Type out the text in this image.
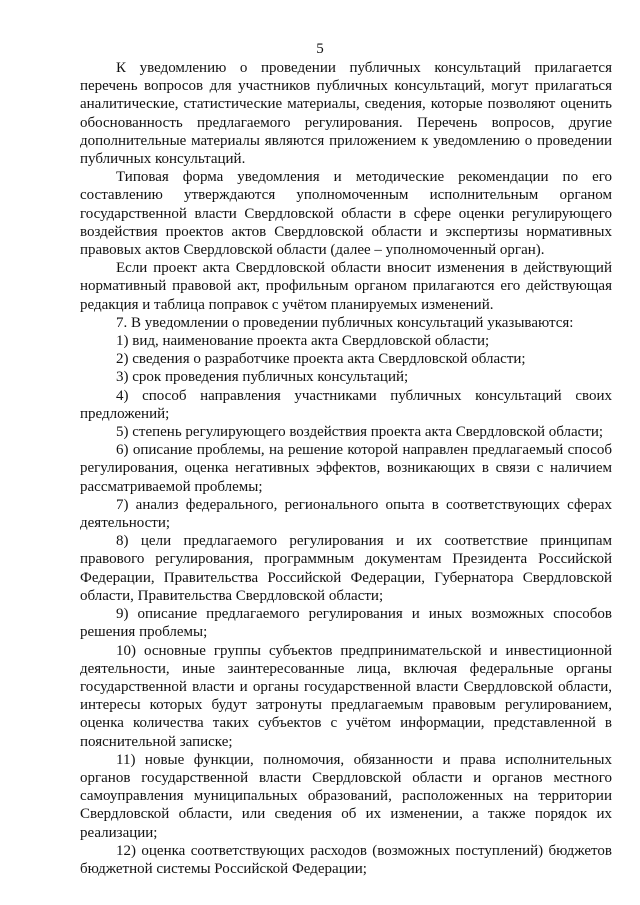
5

К уведомлению о проведении публичных консультаций прилагается перечень вопросов для участников публичных консультаций, могут прилагаться аналитические, статистические материалы, сведения, которые позволяют оценить обоснованность предлагаемого регулирования. Перечень вопросов, другие дополнительные материалы являются приложением к уведомлению о проведении публичных консультаций.

Типовая форма уведомления и методические рекомендации по его составлению утверждаются уполномоченным исполнительным органом государственной власти Свердловской области в сфере оценки регулирующего воздействия проектов актов Свердловской области и экспертизы нормативных правовых актов Свердловской области (далее – уполномоченный орган).

Если проект акта Свердловской области вносит изменения в действующий нормативный правовой акт, профильным органом прилагаются его действующая редакция и таблица поправок с учётом планируемых изменений.

7. В уведомлении о проведении публичных консультаций указываются:

1) вид, наименование проекта акта Свердловской области;

2) сведения о разработчике проекта акта Свердловской области;

3) срок проведения публичных консультаций;

4) способ направления участниками публичных консультаций своих предложений;

5) степень регулирующего воздействия проекта акта Свердловской области;

6) описание проблемы, на решение которой направлен предлагаемый способ регулирования, оценка негативных эффектов, возникающих в связи с наличием рассматриваемой проблемы;

7) анализ федерального, регионального опыта в соответствующих сферах деятельности;

8) цели предлагаемого регулирования и их соответствие принципам правового регулирования, программным документам Президента Российской Федерации, Правительства Российской Федерации, Губернатора Свердловской области, Правительства Свердловской области;

9) описание предлагаемого регулирования и иных возможных способов решения проблемы;

10) основные группы субъектов предпринимательской и инвестиционной деятельности, иные заинтересованные лица, включая федеральные органы государственной власти и органы государственной власти Свердловской области, интересы которых будут затронуты предлагаемым правовым регулированием, оценка количества таких субъектов с учётом информации, представленной в пояснительной записке;

11) новые функции, полномочия, обязанности и права исполнительных органов государственной власти Свердловской области и органов местного самоуправления муниципальных образований, расположенных на территории Свердловской области, или сведения об их изменении, а также порядок их реализации;

12) оценка соответствующих расходов (возможных поступлений) бюджетов бюджетной системы Российской Федерации;
